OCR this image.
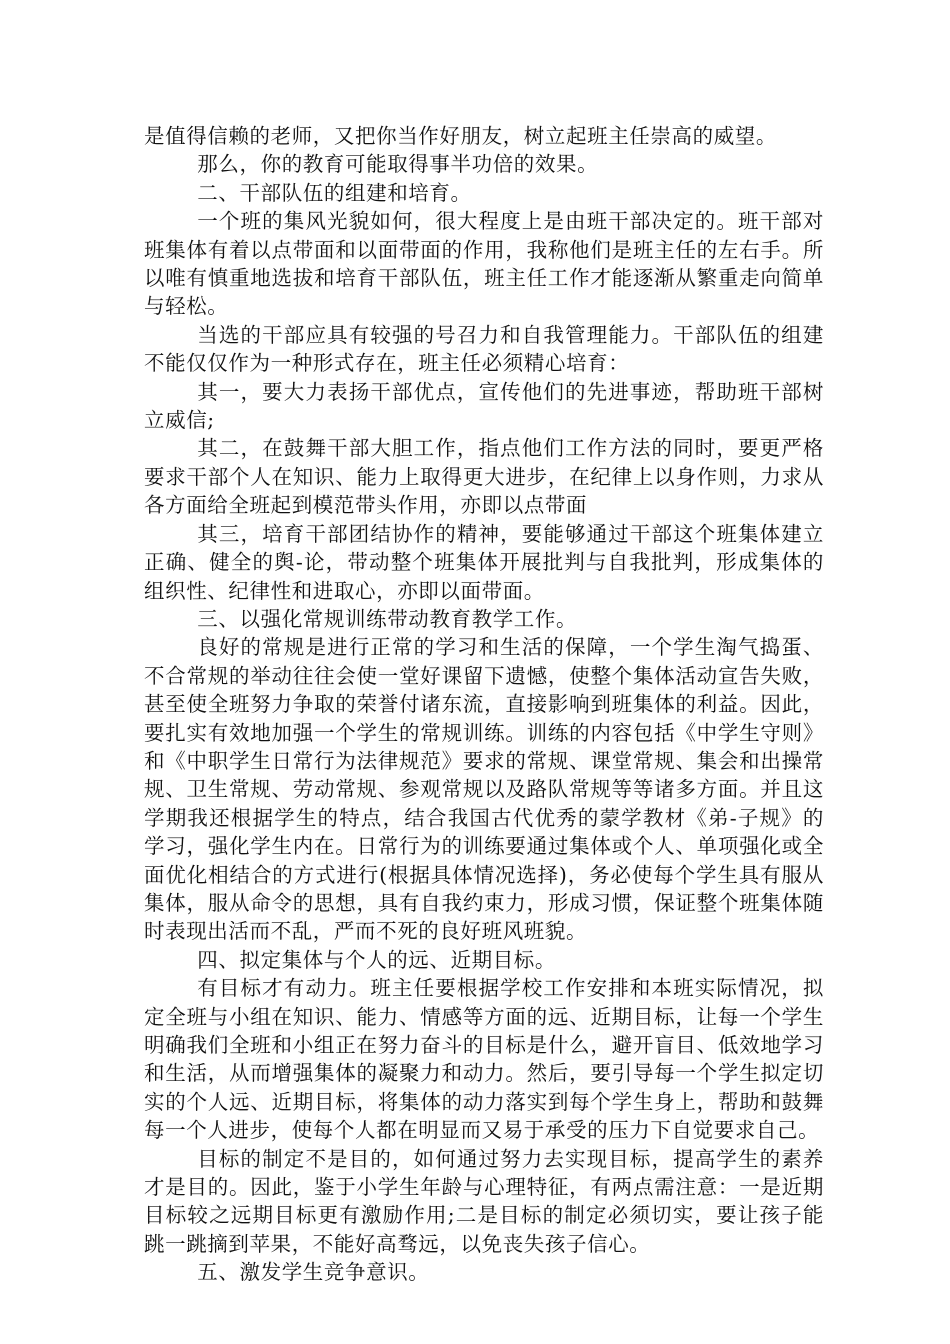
是值得信赖的老师，又把你当作好朋友，树立起班主任崇高的威望。

那么，你的教育可能取得事半功倍的效果。

二、干部队伍的组建和培育。

一个班的集风光貌如何，很大程度上是由班干部决定的。班干部对班集体有着以点带面和以面带面的作用，我称他们是班主任的左右手。所以唯有慎重地选拔和培育干部队伍，班主任工作才能逐渐从繁重走向简单与轻松。

当选的干部应具有较强的号召力和自我管理能力。干部队伍的组建不能仅仅作为一种形式存在，班主任必须精心培育：

其一，要大力表扬干部优点，宣传他们的先进事迹，帮助班干部树立威信;

其二，在鼓舞干部大胆工作，指点他们工作方法的同时，要更严格要求干部个人在知识、能力上取得更大进步，在纪律上以身作则，力求从各方面给全班起到模范带头作用，亦即以点带面

其三，培育干部团结协作的精神，要能够通过干部这个班集体建立正确、健全的舆-论，带动整个班集体开展批判与自我批判，形成集体的组织性、纪律性和进取心，亦即以面带面。

三、以强化常规训练带动教育教学工作。

良好的常规是进行正常的学习和生活的保障，一个学生淘气捣蛋、不合常规的举动往往会使一堂好课留下遗憾，使整个集体活动宣告失败，甚至使全班努力争取的荣誉付诸东流，直接影响到班集体的利益。因此，要扎实有效地加强一个学生的常规训练。训练的内容包括《中学生守则》和《中职学生日常行为法律规范》要求的常规、课堂常规、集会和出操常规、卫生常规、劳动常规、参观常规以及路队常规等等诸多方面。并且这学期我还根据学生的特点，结合我国古代优秀的蒙学教材《弟-子规》的学习，强化学生内在。日常行为的训练要通过集体或个人、单项强化或全面优化相结合的方式进行(根据具体情况选择)，务必使每个学生具有服从集体，服从命令的思想，具有自我约束力，形成习惯，保证整个班集体随时表现出活而不乱，严而不死的良好班风班貌。

四、拟定集体与个人的远、近期目标。

有目标才有动力。班主任要根据学校工作安排和本班实际情况，拟定全班与小组在知识、能力、情感等方面的远、近期目标，让每一个学生明确我们全班和小组正在努力奋斗的目标是什么，避开盲目、低效地学习和生活，从而增强集体的凝聚力和动力。然后，要引导每一个学生拟定切实的个人远、近期目标，将集体的动力落实到每个学生身上，帮助和鼓舞每一个人进步，使每个人都在明显而又易于承受的压力下自觉要求自己。

目标的制定不是目的，如何通过努力去实现目标，提高学生的素养才是目的。因此，鉴于小学生年龄与心理特征，有两点需注意：一是近期目标较之远期目标更有激励作用;二是目标的制定必须切实，要让孩子能跳一跳摘到苹果，不能好高骛远，以免丧失孩子信心。

五、激发学生竞争意识。
